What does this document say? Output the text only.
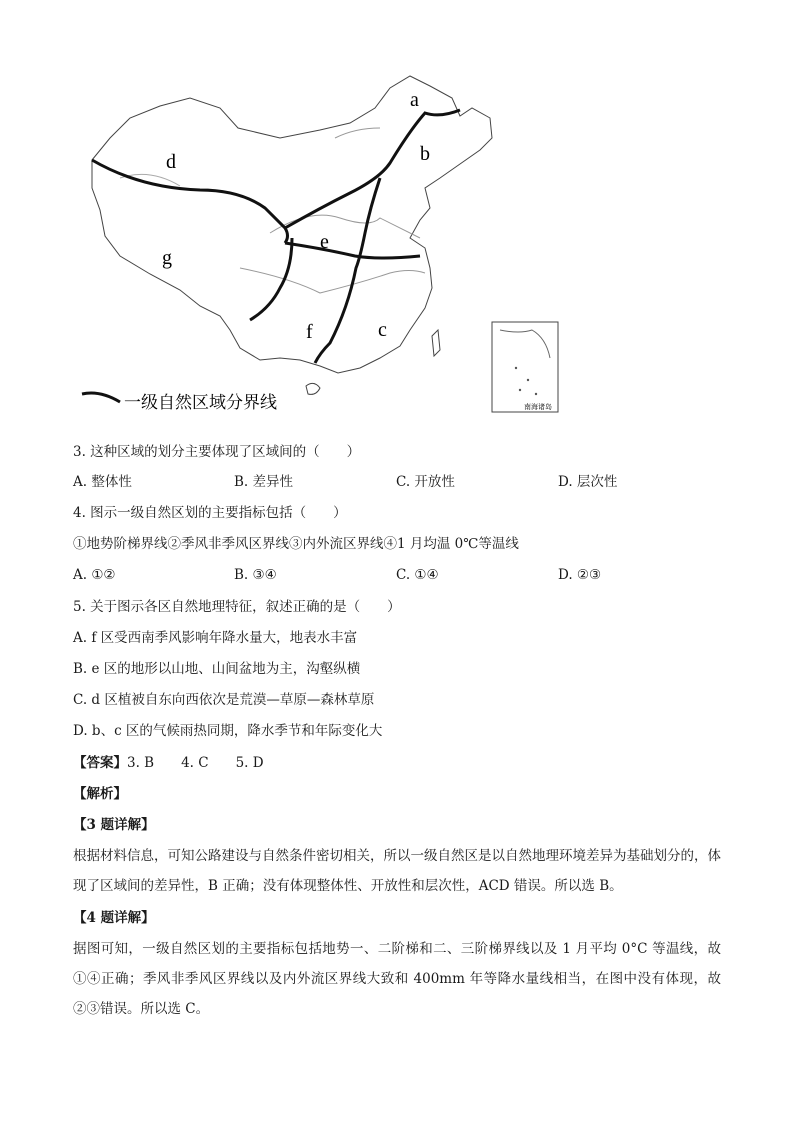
a
b
c
d
e
f
g
一级自然区域分界线	南海诸岛
3. 这种区域的划分主要体现了区域间的（　　）
A. 整体性	B. 差异性	C. 开放性	D. 层次性
4. 图示一级自然区划的主要指标包括（　　）
①地势阶梯界线②季风非季风区界线③内外流区界线④1 月均温 0℃等温线
A. ①②	B. ③④	C. ①④	D. ②③
5. 关于图示各区自然地理特征，叙述正确的是（　　）
A. f 区受西南季风影响年降水量大，地表水丰富
B. e 区的地形以山地、山间盆地为主，沟壑纵横
C. d 区植被自东向西依次是荒漠—草原—森林草原
D. b、c 区的气候雨热同期，降水季节和年际变化大
【答案】3. B　　4. C　　5. D
【解析】
【3 题详解】
根据材料信息，可知公路建设与自然条件密切相关，所以一级自然区是以自然地理环境差异为基础划分的，体现了区域间的差异性，B 正确；没有体现整体性、开放性和层次性，ACD 错误。所以选 B。
【4 题详解】
据图可知，一级自然区划的主要指标包括地势一、二阶梯和二、三阶梯界线以及 1 月平均 0°C 等温线，故①④正确；季风非季风区界线以及内外流区界线大致和 400mm 年等降水量线相当，在图中没有体现，故②③错误。所以选 C。
